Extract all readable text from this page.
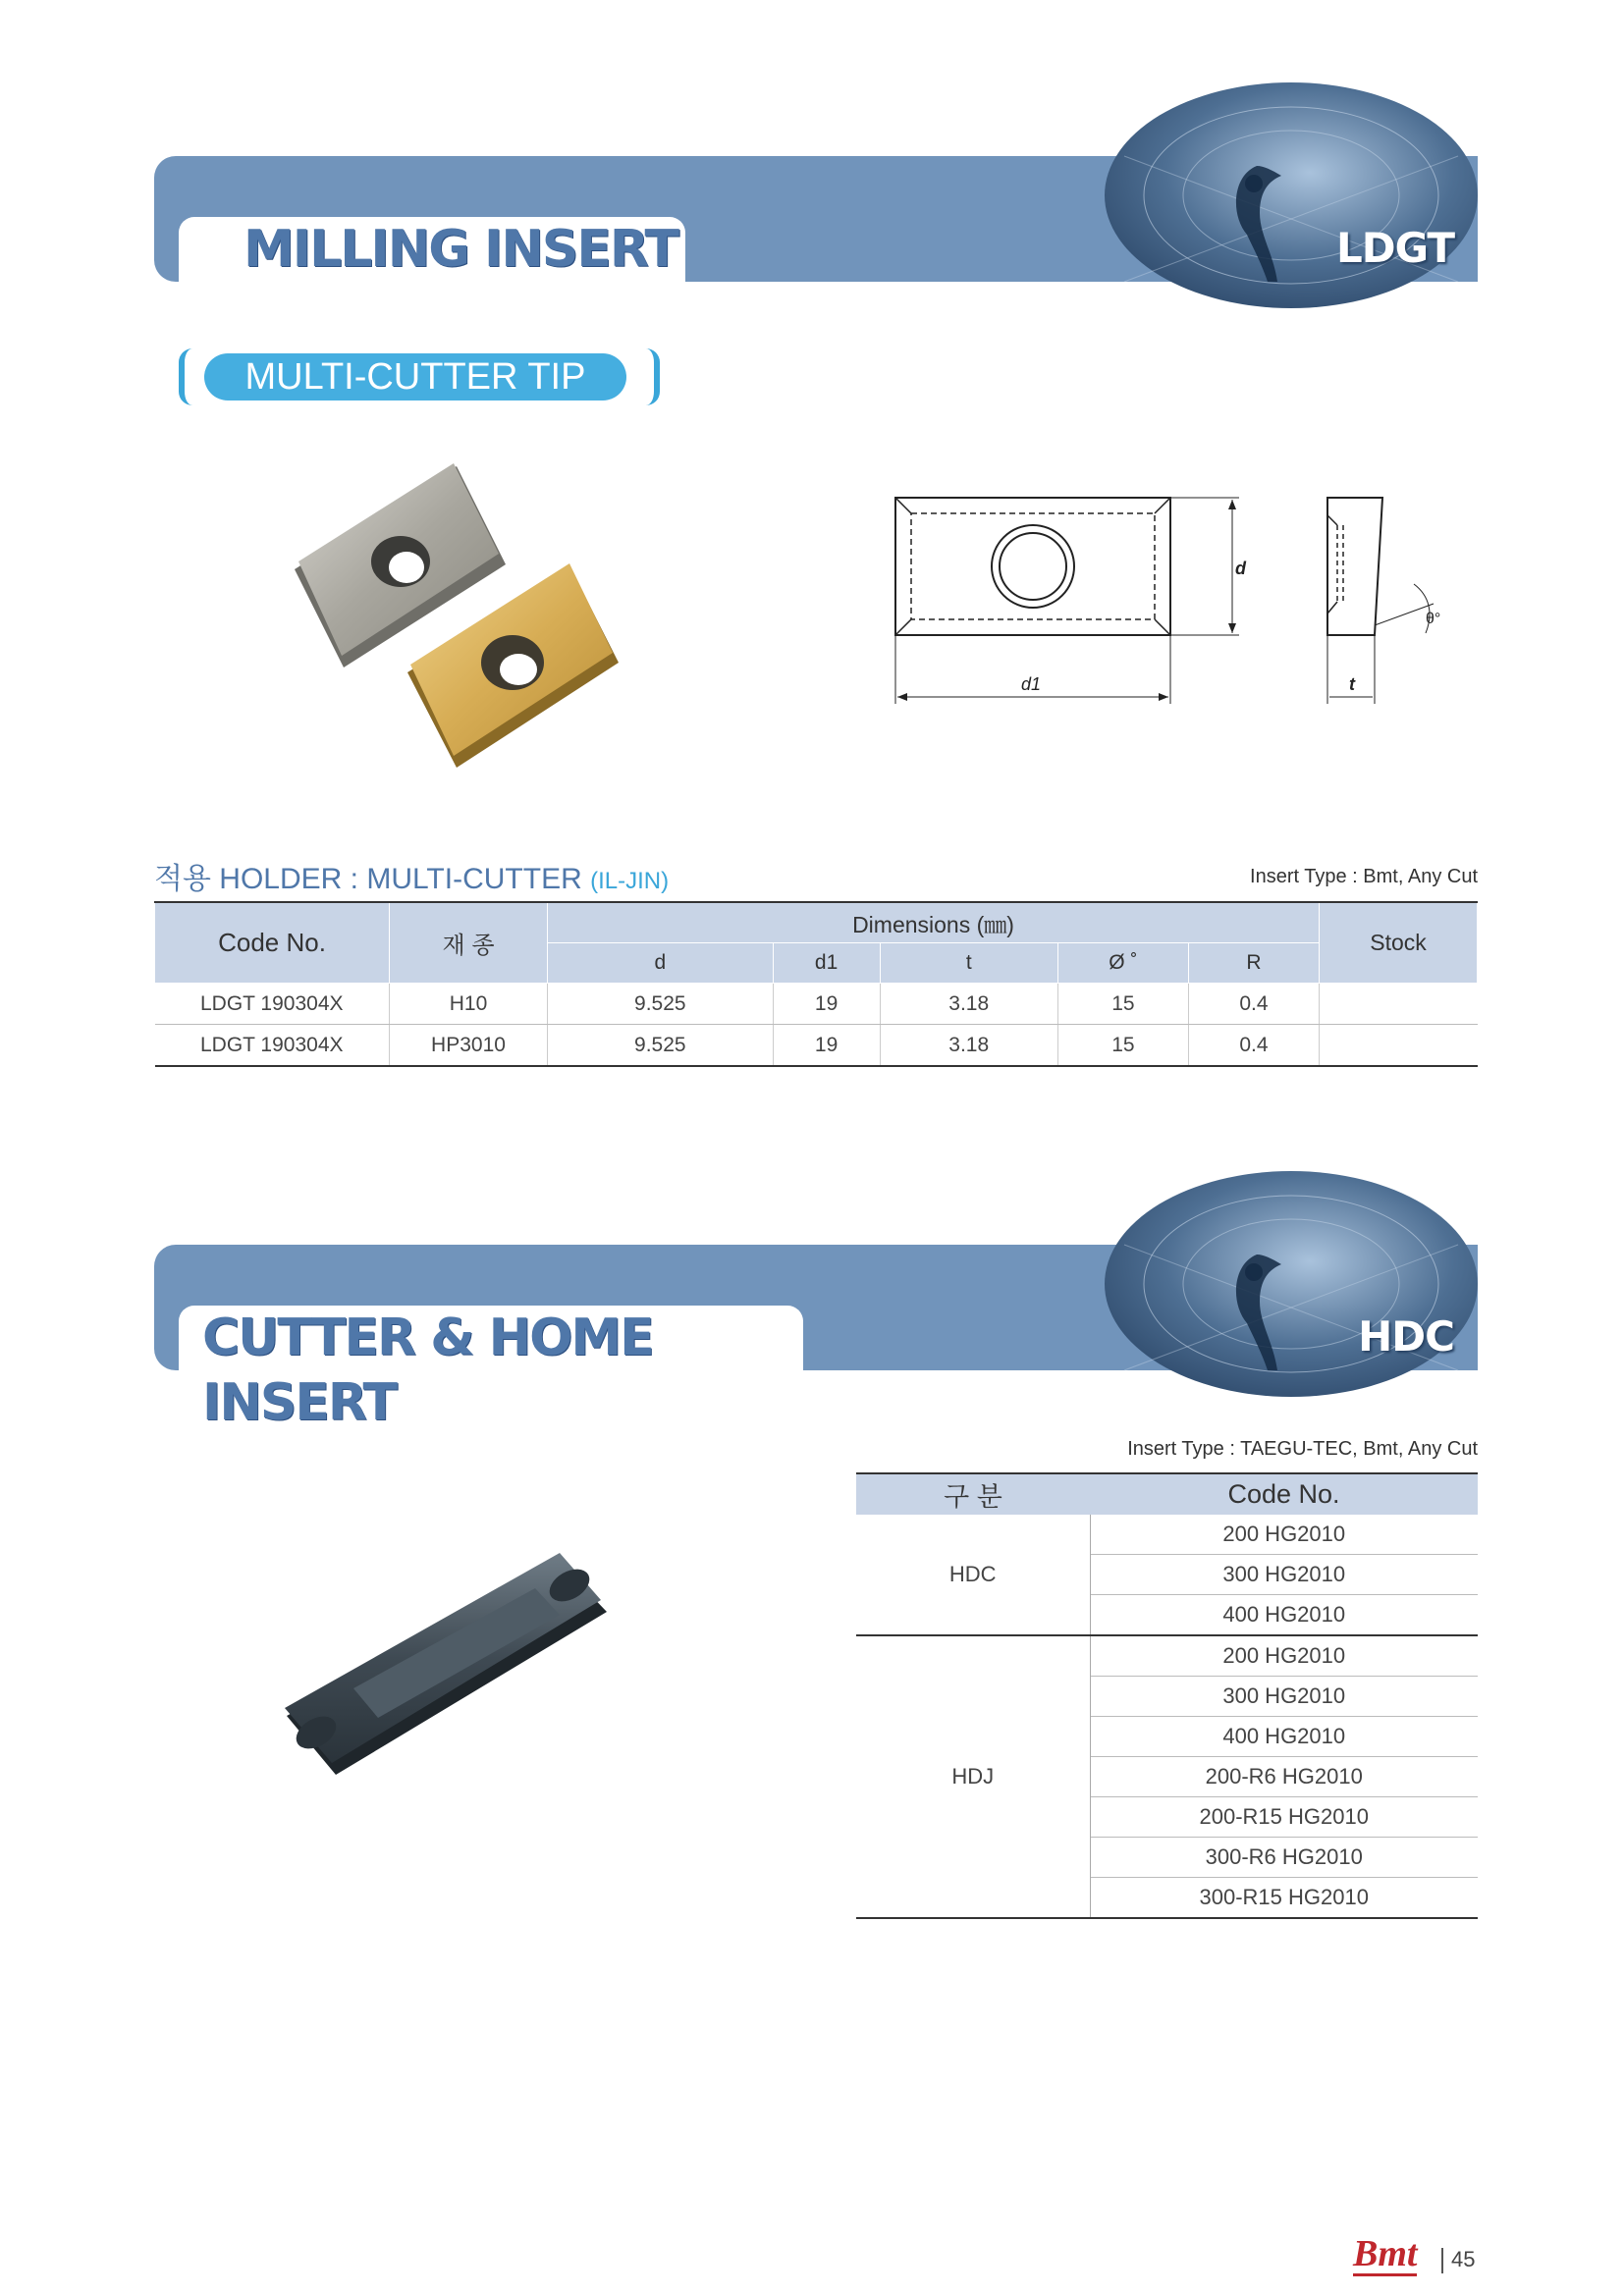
MILLING INSERT	LDGT
MULTI-CUTTER TIP
d
d1	t
θ°
적용 HOLDER : MULTI-CUTTER (IL-JIN)	Insert Type : Bmt, Any Cut
Code No.	재 종	Dimensions (㎜)					Stock
		d	d1	t	Ø ˚	R	
LDGT 190304X	H10	9.525	19	3.18	15	0.4	
LDGT 190304X	HP3010	9.525	19	3.18	15	0.4	
CUTTER & HOME INSERT
HDC
Insert Type : TAEGU-TEC, Bmt, Any Cut
구 분	Code No.
HDC	200 HG2010
	300 HG2010
	400 HG2010
HDJ	200 HG2010
	300 HG2010
	400 HG2010
	200-R6 HG2010
	200-R15 HG2010
	300-R6 HG2010
	300-R15 HG2010
Bmt 45
